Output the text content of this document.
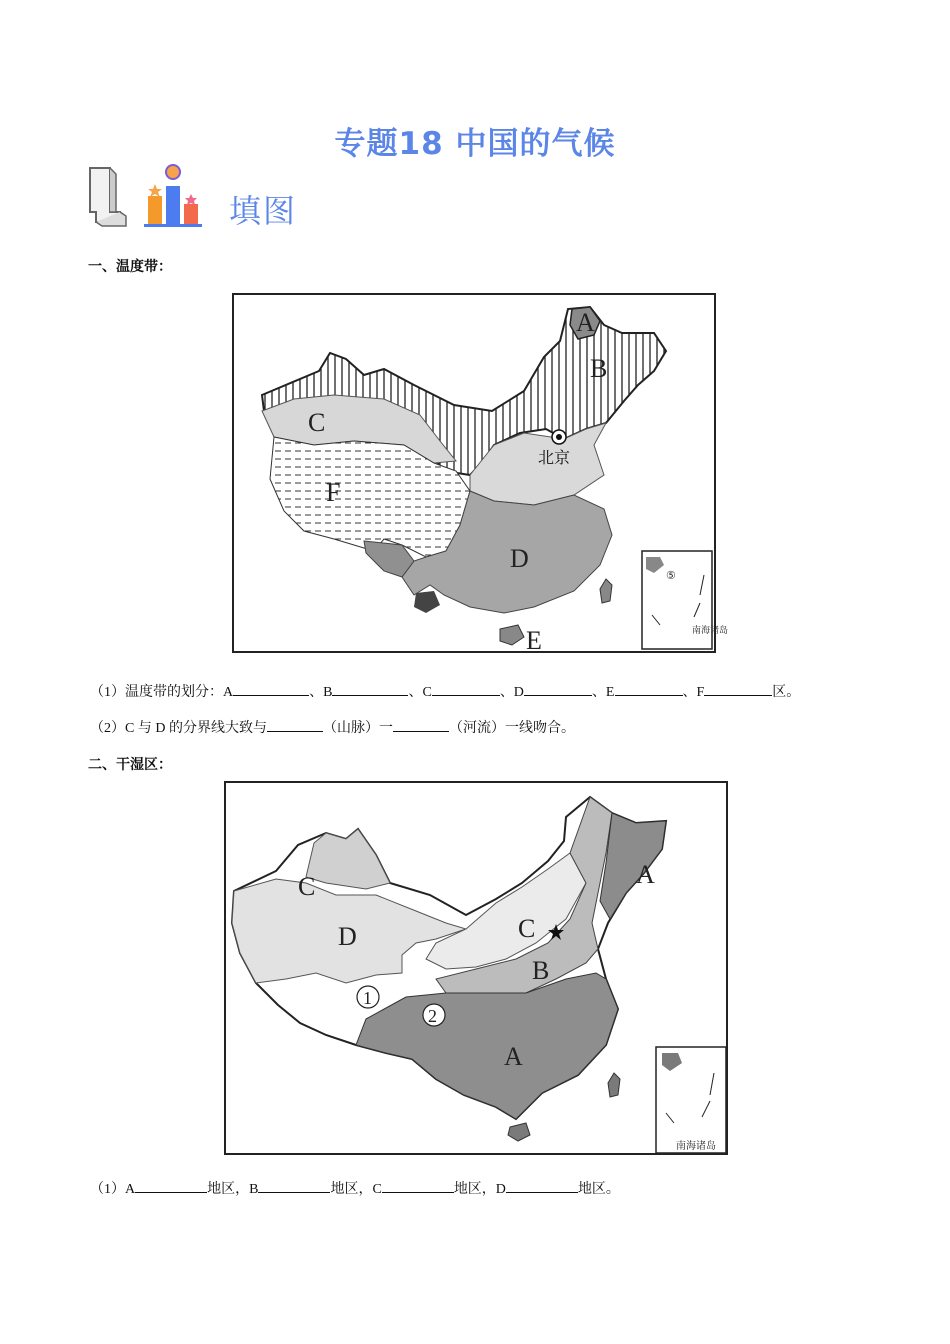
专题18 中国的气候
填图
一、温度带：
A
B
C
D
E
F
北京
⑤
南海诸岛
（1）温度带的划分：A	、B	、C	、D	、E	、F	区。
（2）C 与 D 的分界线大致与	（山脉）一	（河流）一线吻合。
二、干湿区：
1
2
A
A
B
C
C
D
南海诸岛
（1）A	地区，B	地区，C	地区，D	地区。
